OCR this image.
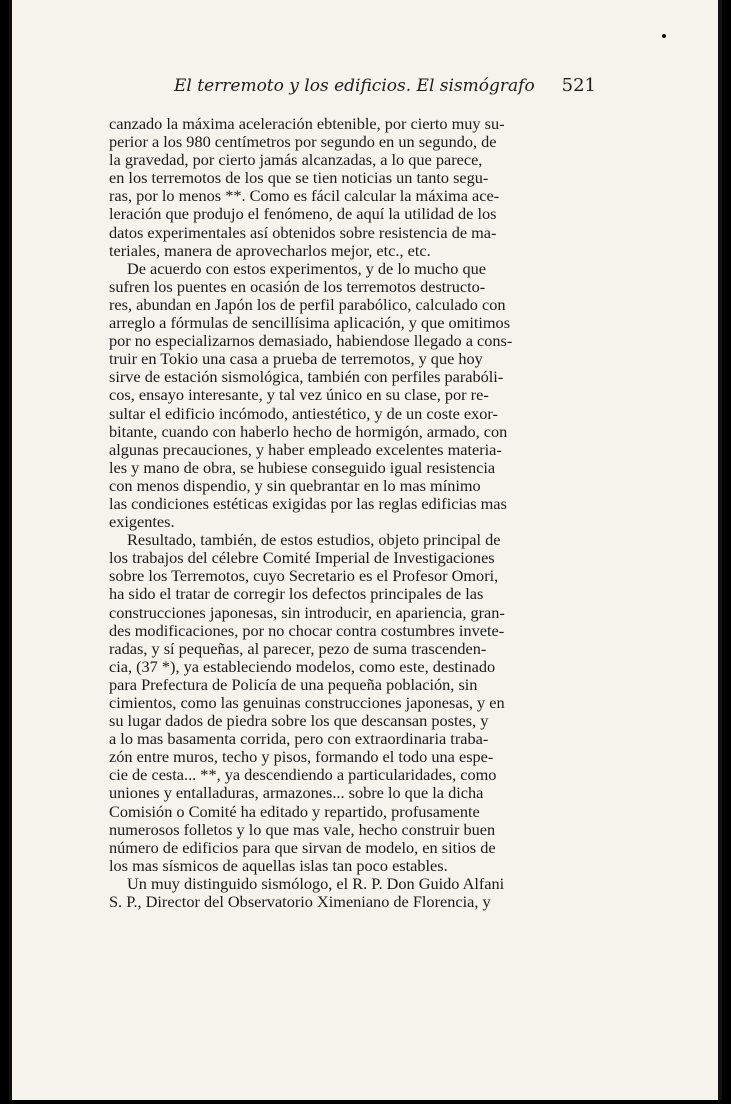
El terremoto y los edificios. El sismógrafo 521
canzado la máxima aceleración ebtenible, por cierto muy su-
perior a los 980 centímetros por segundo en un segundo, de
la gravedad, por cierto jamás alcanzadas, a lo que parece,
en los terremotos de los que se tien noticias un tanto segu-
ras, por lo menos **. Como es fácil calcular la máxima ace-
leración que produjo el fenómeno, de aquí la utilidad de los
datos experimentales así obtenidos sobre resistencia de ma-
teriales, manera de aprovecharlos mejor, etc., etc.
De acuerdo con estos experimentos, y de lo mucho que
sufren los puentes en ocasión de los terremotos destructo-
res, abundan en Japón los de perfil parabólico, calculado con
arreglo a fórmulas de sencillísima aplicación, y que omitimos
por no especializarnos demasiado, habiendose llegado a cons-
truir en Tokio una casa a prueba de terremotos, y que hoy
sirve de estación sismológica, también con perfiles parabóli-
cos, ensayo interesante, y tal vez único en su clase, por re-
sultar el edificio incómodo, antiestético, y de un coste exor-
bitante, cuando con haberlo hecho de hormigón, armado, con
algunas precauciones, y haber empleado excelentes materia-
les y mano de obra, se hubiese conseguido igual resistencia
con menos dispendio, y sin quebrantar en lo mas mínimo
las condiciones estéticas exigidas por las reglas edificias mas
exigentes.
Resultado, también, de estos estudios, objeto principal de
los trabajos del célebre Comité Imperial de Investigaciones
sobre los Terremotos, cuyo Secretario es el Profesor Omori,
ha sido el tratar de corregir los defectos principales de las
construcciones japonesas, sin introducir, en apariencia, gran-
des modificaciones, por no chocar contra costumbres invete-
radas, y sí pequeñas, al parecer, pezo de suma trascenden-
cia, (37 *), ya estableciendo modelos, como este, destinado
para Prefectura de Policía de una pequeña población, sin
cimientos, como las genuinas construcciones japonesas, y en
su lugar dados de piedra sobre los que descansan postes, y
a lo mas basamenta corrida, pero con extraordinaria traba-
zón entre muros, techo y pisos, formando el todo una espe-
cie de cesta... **, ya descendiendo a particularidades, como
uniones y entalladuras, armazones... sobre lo que la dicha
Comisión o Comité ha editado y repartido, profusamente
numerosos folletos y lo que mas vale, hecho construir buen
número de edificios para que sirvan de modelo, en sitios de
los mas sísmicos de aquellas islas tan poco estables.
Un muy distinguido sismólogo, el R. P. Don Guido Alfani
S. P., Director del Observatorio Ximeniano de Florencia, y
